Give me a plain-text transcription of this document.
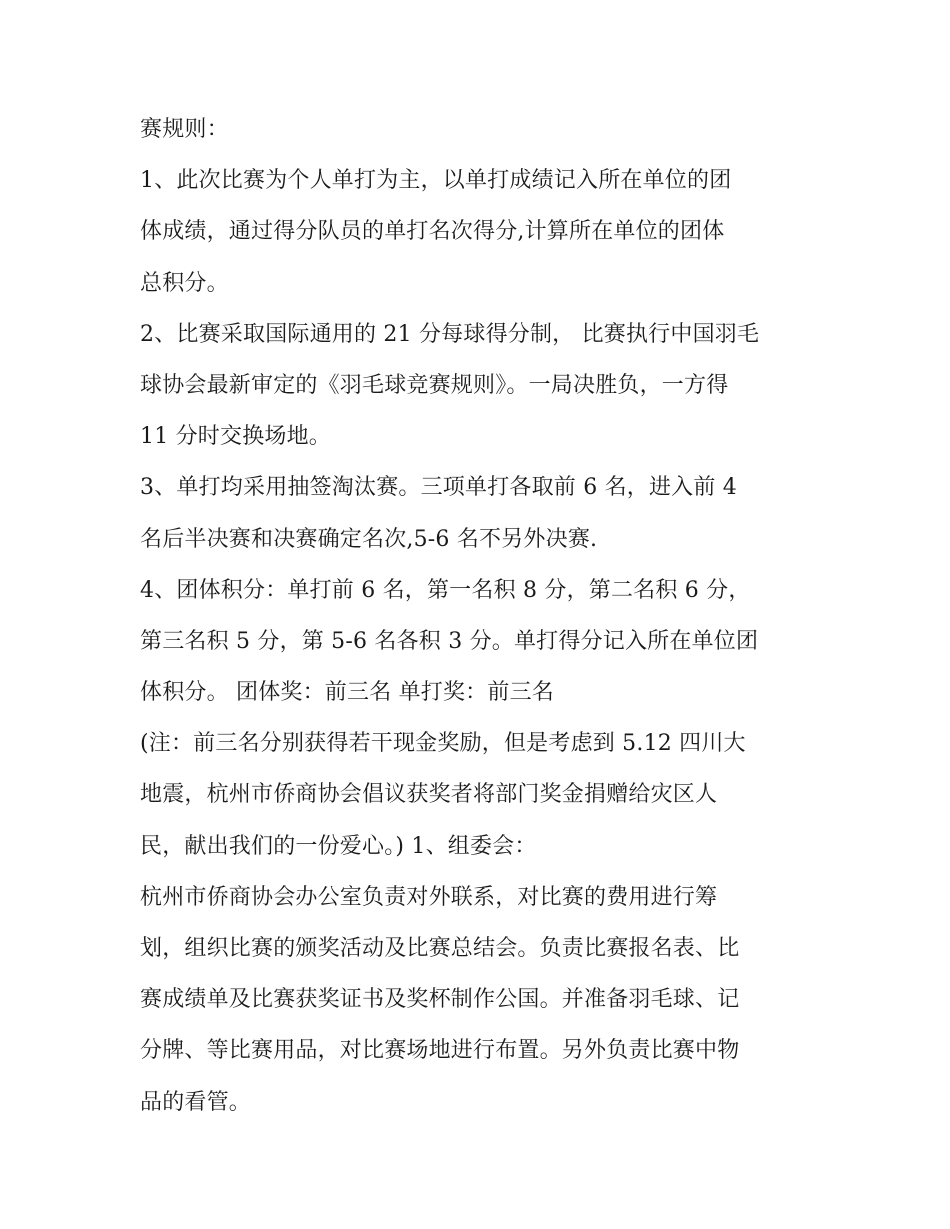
赛规则：
1、此次比赛为个人单打为主，以单打成绩记入所在单位的团
体成绩，通过得分队员的单打名次得分,计算所在单位的团体
总积分。
2、比赛采取国际通用的 21 分每球得分制， 比赛执行中国羽毛
球协会最新审定的《羽毛球竞赛规则》。一局决胜负，一方得
11 分时交换场地。
3、单打均采用抽签淘汰赛。三项单打各取前 6 名，进入前 4
名后半决赛和决赛确定名次,5-6 名不另外决赛.
4、团体积分：单打前 6 名，第一名积 8 分，第二名积 6 分，
第三名积 5 分，第 5-6 名各积 3 分。单打得分记入所在单位团
体积分。 团体奖：前三名 单打奖：前三名
(注：前三名分别获得若干现金奖励，但是考虑到 5.12 四川大
地震，杭州市侨商协会倡议获奖者将部门奖金捐赠给灾区人
民，献出我们的一份爱心。) 1、组委会：
杭州市侨商协会办公室负责对外联系，对比赛的费用进行筹
划，组织比赛的颁奖活动及比赛总结会。负责比赛报名表、比
赛成绩单及比赛获奖证书及奖杯制作公国。并准备羽毛球、记
分牌、等比赛用品，对比赛场地进行布置。另外负责比赛中物
品的看管。
